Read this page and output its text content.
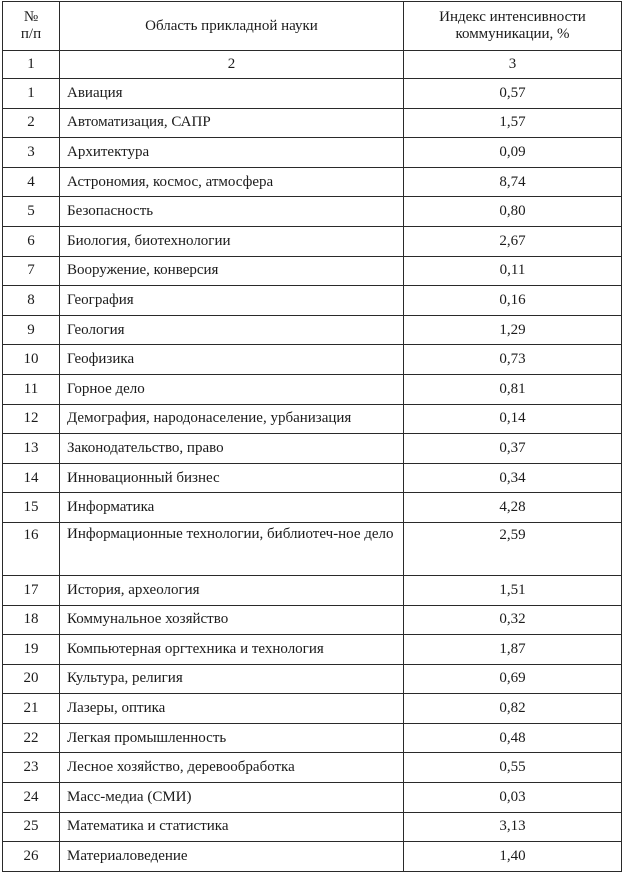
№ п/п	Область прикладной науки	Индекс интенсивности коммуникации, %
1	2	3
1	Авиация	0,57
2	Автоматизация, САПР	1,57
3	Архитектура	0,09
4	Астрономия, космос, атмосфера	8,74
5	Безопасность	0,80
6	Биология, биотехнологии	2,67
7	Вооружение, конверсия	0,11
8	География	0,16
9	Геология	1,29
10	Геофизика	0,73
11	Горное дело	0,81
12	Демография, народонаселение, урбанизация	0,14
13	Законодательство, право	0,37
14	Инновационный бизнес	0,34
15	Информатика	4,28
16	Информационные технологии, библиотеч-ное дело	2,59
17	История, археология	1,51
18	Коммунальное хозяйство	0,32
19	Компьютерная оргтехника и технология	1,87
20	Культура, религия	0,69
21	Лазеры, оптика	0,82
22	Легкая промышленность	0,48
23	Лесное хозяйство, деревообработка	0,55
24	Масс-медиа (СМИ)	0,03
25	Математика и статистика	3,13
26	Материаловедение	1,40
